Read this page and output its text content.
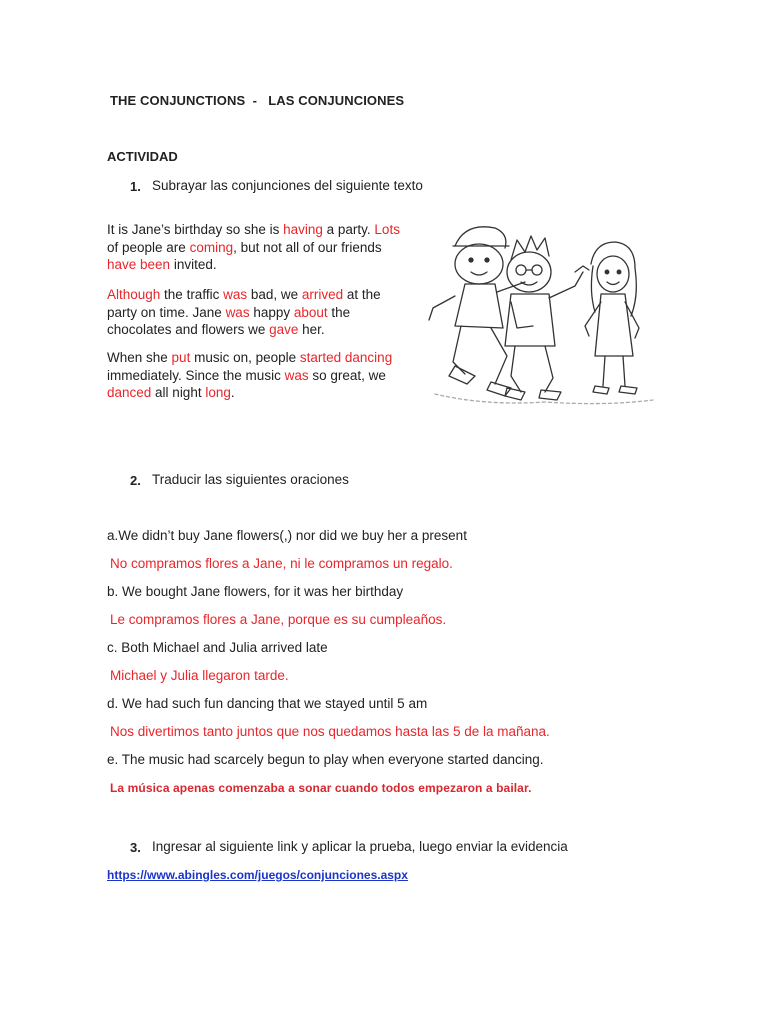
THE CONJUNCTIONS  -   LAS CONJUNCIONES
ACTIVIDAD
1. Subrayar las conjunciones del siguiente texto
It is Jane’s birthday so she is having a party. Lots of people are coming, but not all of our friends have been invited.
Although the traffic was bad, we arrived at the party on time. Jane was happy about the chocolates and flowers we gave her.
When she put music on, people started dancing immediately. Since the music was so great, we danced all night long.
2. Traducir las siguientes oraciones
a.We didn’t buy Jane flowers(,) nor did we buy her a present
No compramos flores a Jane, ni le compramos un regalo.
b. We bought Jane flowers, for it was her birthday
Le compramos flores a Jane, porque es su cumpleaños.
c. Both Michael and Julia arrived late
Michael y Julia llegaron tarde.
d. We had such fun dancing that we stayed until 5 am
Nos divertimos tanto juntos que nos quedamos hasta las 5 de la mañana.
e. The music had scarcely begun to play when everyone started dancing.
La música apenas comenzaba a sonar cuando todos empezaron a bailar.
3. Ingresar al siguiente link y aplicar la prueba, luego enviar la evidencia
https://www.abingles.com/juegos/conjunciones.aspx
